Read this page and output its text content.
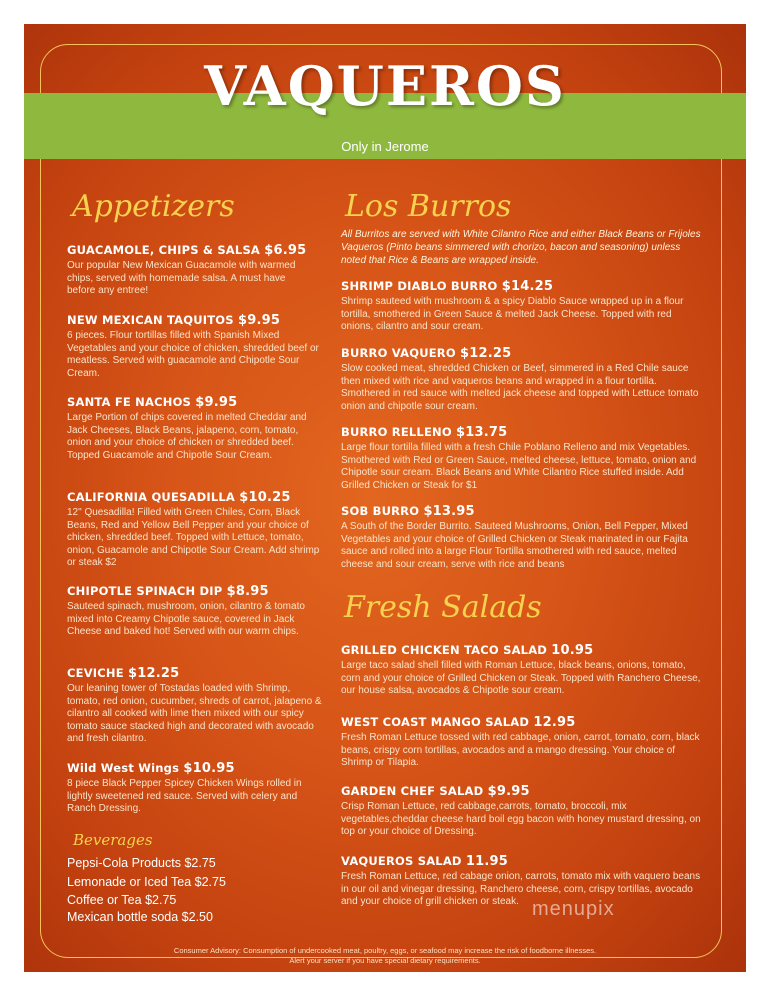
VAQUEROS
Only in Jerome
Appetizers
GUACAMOLE, CHIPS & SALSA $6.95
Our popular New Mexican Guacamole with warmed chips, served with homemade salsa. A must have before any entree!
NEW MEXICAN TAQUITOS $9.95
6 pieces. Flour tortillas filled with Spanish Mixed Vegetables and your choice of chicken, shredded beef or meatless. Served with guacamole and Chipotle Sour Cream.
SANTA FE NACHOS $9.95
Large Portion of chips covered in melted Cheddar and Jack Cheeses, Black Beans, jalapeno, corn, tomato, onion and your choice of chicken or shredded beef. Topped Guacamole and Chipotle Sour Cream.
CALIFORNIA QUESADILLA $10.25
12" Quesadilla! Filled with Green Chiles, Corn, Black Beans, Red and Yellow Bell Pepper and your choice of chicken, shredded beef. Topped with Lettuce, tomato, onion, Guacamole and Chipotle Sour Cream. Add shrimp or steak $2
CHIPOTLE SPINACH DIP $8.95
Sauteed spinach, mushroom, onion, cilantro & tomato mixed into Creamy Chipotle sauce, covered in Jack Cheese and baked hot! Served with our warm chips.
CEVICHE $12.25
Our leaning tower of Tostadas loaded with Shrimp, tomato, red onion, cucumber, shreds of carrot, jalapeno & cilantro all cooked with lime then mixed with our spicy tomato sauce stacked high and decorated with avocado and fresh cilantro.
Wild West Wings $10.95
8 piece Black Pepper Spicey Chicken Wings rolled in lightly sweetened red sauce. Served with celery and Ranch Dressing.
Beverages
Pepsi-Cola Products $2.75
Lemonade or Iced Tea $2.75
Coffee or Tea $2.75
Mexican bottle soda $2.50
Los Burros
All Burritos are served with White Cilantro Rice and either Black Beans or Frijoles Vaqueros (Pinto beans simmered with chorizo, bacon and seasoning) unless noted that Rice & Beans are wrapped inside.
SHRIMP DIABLO BURRO $14.25
Shrimp sauteed with mushroom & a spicy Diablo Sauce wrapped up in a flour tortilla, smothered in Green Sauce & melted Jack Cheese. Topped with red onions, cilantro and sour cream.
BURRO VAQUERO $12.25
Slow cooked meat, shredded Chicken or Beef, simmered in a Red Chile sauce then mixed with rice and vaqueros beans and wrapped in a flour tortilla. Smothered in red sauce with melted jack cheese and topped with Lettuce tomato onion and chipotle sour cream.
BURRO RELLENO $13.75
Large flour tortilla filled with a fresh Chile Poblano Relleno and mix Vegetables. Smothered with Red or Green Sauce, melted cheese, lettuce, tomato, onion and Chipotle sour cream. Black Beans and White Cilantro Rice stuffed inside. Add Grilled Chicken or Steak for $1
SOB BURRO $13.95
A South of the Border Burrito. Sauteed Mushrooms, Onion, Bell Pepper, Mixed Vegetables and your choice of Grilled Chicken or Steak marinated in our Fajita sauce and rolled into a large Flour Tortilla smothered with red sauce, melted cheese and sour cream, serve with rice and beans
Fresh Salads
GRILLED CHICKEN TACO SALAD 10.95
Large taco salad shell filled with Roman Lettuce, black beans, onions, tomato, corn and your choice of Grilled Chicken or Steak. Topped with Ranchero Cheese, our house salsa, avocados & Chipotle sour cream.
WEST COAST MANGO SALAD 12.95
Fresh Roman Lettuce tossed with red cabbage, onion, carrot, tomato, corn, black beans, crispy corn tortillas, avocados and a mango dressing. Your choice of Shrimp or Tilapia.
GARDEN CHEF SALAD $9.95
Crisp Roman Lettuce, red cabbage,carrots, tomato, broccoli, mix vegetables,cheddar cheese hard boil egg bacon with honey mustard dressing, on top or your choice of Dressing.
VAQUEROS SALAD 11.95
Fresh Roman Lettuce, red cabage onion, carrots, tomato mix with vaquero beans in our oil and vinegar dressing, Ranchero cheese, corn, crispy tortillas, avocado and your choice of grill chicken or steak.
Consumer Advisory: Consumption of undercooked meat, poultry, eggs, or seafood may increase the risk of foodborne illnesses.
Alert your server if you have special dietary requirements.
menupix
